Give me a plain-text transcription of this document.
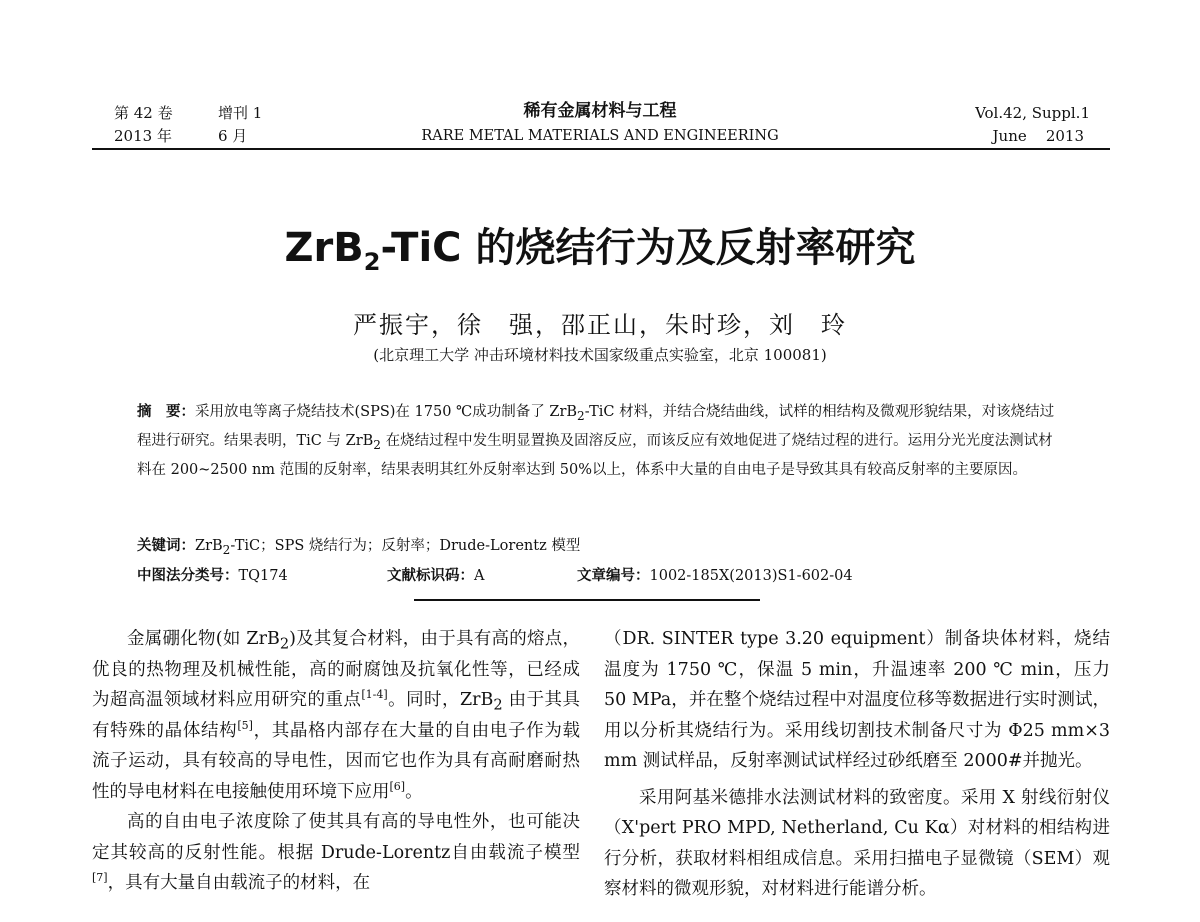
第 42 卷	增刊 1
2013 年	6 月
稀有金属材料与工程
RARE METAL MATERIALS AND ENGINEERING
Vol.42, Suppl.1
June    2013
ZrB$_2$-TiC 的烧结行为及反射率研究
严振宇，徐　强，邵正山，朱时珍，刘　玲
(北京理工大学 冲击环境材料技术国家级重点实验室，北京 100081)
摘　要：采用放电等离子烧结技术(SPS)在 1750 ℃成功制备了 ZrB$_2$-TiC 材料，并结合烧结曲线，试样的相结构及微观形貌结果，对该烧结过程进行研究。结果表明，TiC 与 ZrB$_2$ 在烧结过程中发生明显置换及固溶反应，而该反应有效地促进了烧结过程的进行。运用分光光度法测试材料在 200~2500 nm 范围的反射率，结果表明其红外反射率达到 50%以上，体系中大量的自由电子是导致其具有较高反射率的主要原因。
关键词：ZrB$_2$-TiC；SPS 烧结行为；反射率；Drude-Lorentz 模型
中图法分类号：TQ174	文献标识码：A	文章编号：1002-185X(2013)S1-602-04

金属硼化物(如 ZrB$_2$)及其复合材料，由于具有高的熔点，优良的热物理及机械性能，高的耐腐蚀及抗氧化性等，已经成为超高温领域材料应用研究的重点[1-4]。同时，ZrB$_2$ 由于其具有特殊的晶体结构[5]，其晶格内部存在大量的自由电子作为载流子运动，具有较高的导电性，因而它也作为具有高耐磨耐热性的导电材料在电接触使用环境下应用[6]。

高的自由电子浓度除了使其具有高的导电性外，也可能决定其较高的反射性能。根据 Drude-Lorentz自由载流子模型[7]，具有大量自由载流子的材料，在

（DR. SINTER type 3.20 equipment）制备块体材料，烧结温度为 1750 ℃，保温 5 min，升温速率 200 ℃ min，压力 50 MPa，并在整个烧结过程中对温度位移等数据进行实时测试，用以分析其烧结行为。采用线切割技术制备尺寸为 Φ25 mm×3 mm 测试样品，反射率测试试样经过砂纸磨至 2000#并抛光。

采用阿基米德排水法测试材料的致密度。采用 X 射线衍射仪（X'pert PRO MPD, Netherland, Cu Kα）对材料的相结构进行分析，获取材料相组成信息。采用扫描电子显微镜（SEM）观察材料的微观形貌，对材料进行能谱分析。
